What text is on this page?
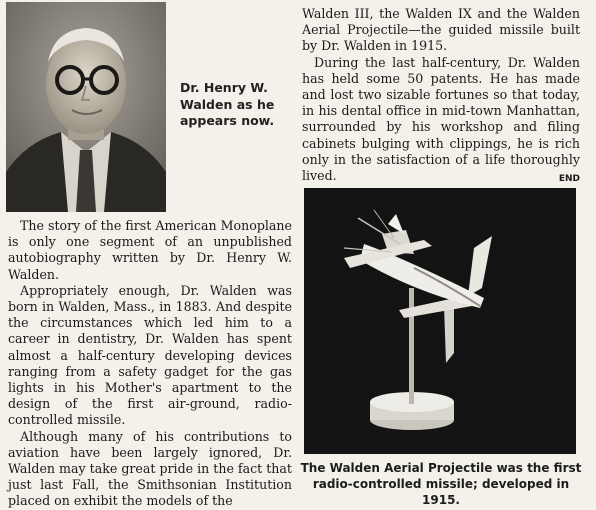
Dr. Henry W.
Walden as he
appears now.

The story of the first American Monoplane is only one segment of an unpublished autobiography written by Dr. Henry W. Walden.

Appropriately enough, Dr. Walden was born in Walden, Mass., in 1883. And despite the circumstances which led him to a career in dentistry, Dr. Walden has spent almost a half-century developing devices ranging from a safety gadget for the gas lights in his Mother's apartment to the design of the first air-ground, radio-controlled missile.

Although many of his contributions to aviation have been largely ignored, Dr. Walden may take great pride in the fact that just last Fall, the Smithsonian Institution placed on exhibit the models of the

Walden III, the Walden IX and the Walden Aerial Projectile—the guided missile built by Dr. Walden in 1915.

During the last half-century, Dr. Walden has held some 50 patents. He has made and lost two sizable fortunes so that today, in his dental office in mid-town Manhattan, surrounded by his workshop and filing cabinets bulging with clippings, he is rich only in the satisfaction of a life thoroughly lived.	END

The Walden Aerial Projectile was the first radio-controlled missile; developed in 1915.
